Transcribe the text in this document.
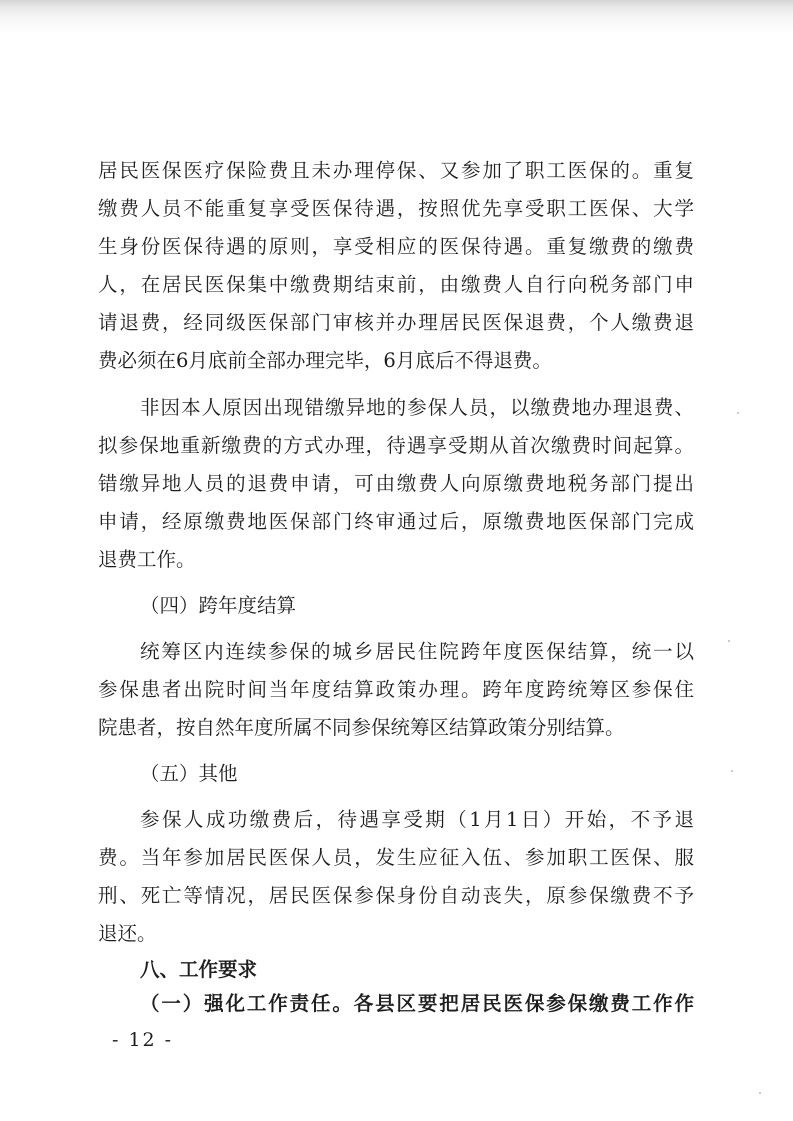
居民医保医疗保险费且未办理停保、又参加了职工医保的。重复
缴费人员不能重复享受医保待遇，按照优先享受职工医保、大学
生身份医保待遇的原则，享受相应的医保待遇。重复缴费的缴费
人，在居民医保集中缴费期结束前，由缴费人自行向税务部门申
请退费，经同级医保部门审核并办理居民医保退费，个人缴费退
费必须在6月底前全部办理完毕，6月底后不得退费。
非因本人原因出现错缴异地的参保人员，以缴费地办理退费、
拟参保地重新缴费的方式办理，待遇享受期从首次缴费时间起算。
错缴异地人员的退费申请，可由缴费人向原缴费地税务部门提出
申请，经原缴费地医保部门终审通过后，原缴费地医保部门完成
退费工作。
（四）跨年度结算
统筹区内连续参保的城乡居民住院跨年度医保结算，统一以
参保患者出院时间当年度结算政策办理。跨年度跨统筹区参保住
院患者，按自然年度所属不同参保统筹区结算政策分别结算。
（五）其他
参保人成功缴费后，待遇享受期（1月1日）开始，不予退
费。当年参加居民医保人员，发生应征入伍、参加职工医保、服
刑、死亡等情况，居民医保参保身份自动丧失，原参保缴费不予
退还。
八、工作要求
（一）强化工作责任。各县区要把居民医保参保缴费工作作
- 12 -
